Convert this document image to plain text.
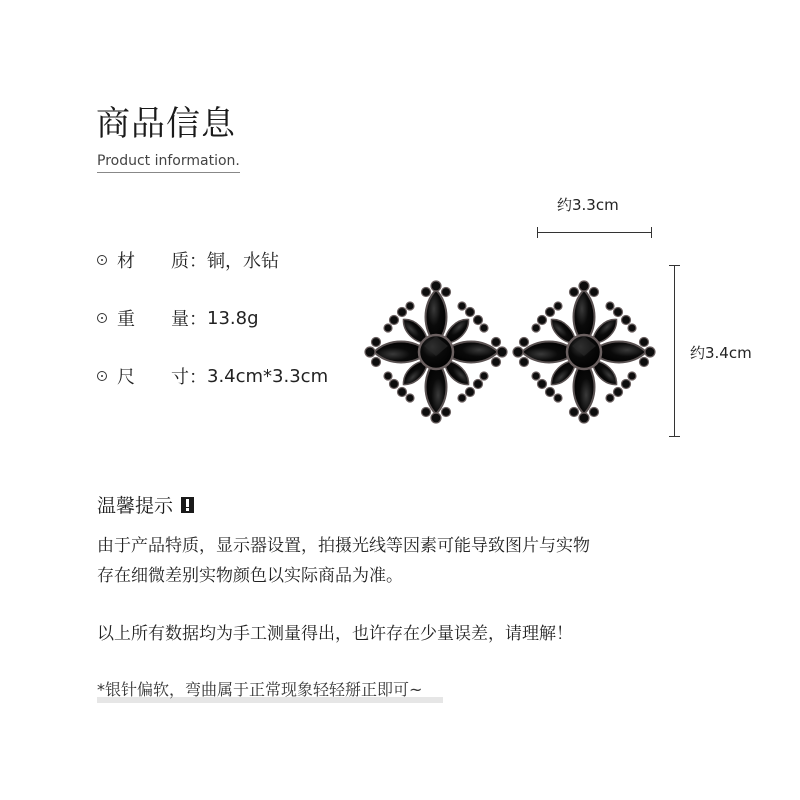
商品信息
Product information.
材	质： 铜，水钻
重	量： 13.8g
尺	寸： 3.4cm*3.3cm
约3.3cm
约3.4cm
温馨提示
由于产品特质，显示器设置，拍摄光线等因素可能导致图片与实物
存在细微差别实物颜色以实际商品为准。
以上所有数据均为手工测量得出，也许存在少量误差，请理解！
*银针偏软，弯曲属于正常现象轻轻掰正即可~
